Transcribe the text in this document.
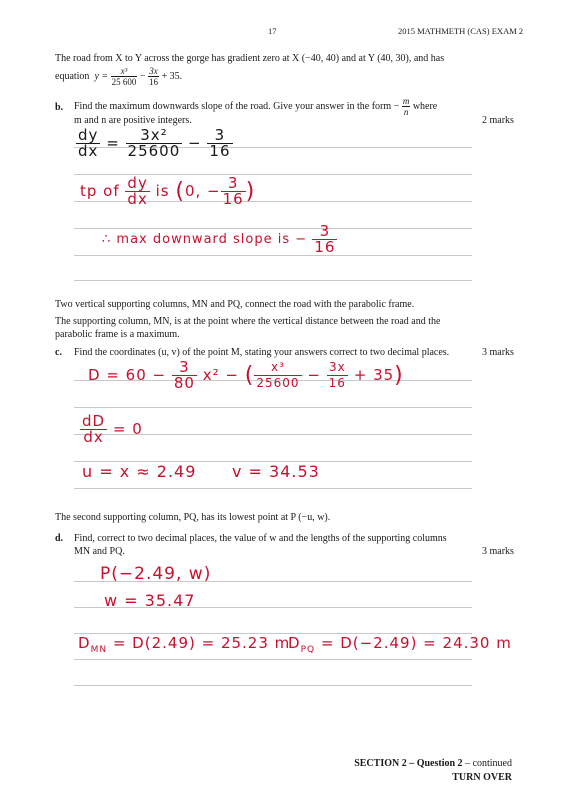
17	2015 MATHMETH (CAS) EXAM 2
The road from X to Y across the gorge has gradient zero at X (−40, 40) and at Y (40, 30), and has
equation $y = \frac{\text{x³}}{25 600} - \frac{3x}{16} + 35$.
b. Find the maximum downwards slope of the road. Give your answer in the form − $\frac{m}{n}$ where
m and n are positive integers.	2 marks
$\frac{dy}{dx} = \frac{\text{3x²}}{25600} - \frac{3}{16}$
tp of $\frac{dy}{dx}$ is (0, − $\frac{3}{16}$ )
∴ max downward slope is − $\frac{3}{16}$
Two vertical supporting columns, MN and PQ, connect the road with the parabolic frame.
The supporting column, MN, is at the point where the vertical distance between the road and the
parabolic frame is a maximum.
c. Find the coordinates (u, v) of the point M, stating your answers correct to two decimal places.	3 marks
$D = 60 - \frac{3}{80} x^2$ − ( $\frac{\text{x³}}{25600} - \frac{3x}{16} + 35$)
$\frac{dD}{dx} = 0$
u = x ≈ 2.49 v = 34.53
The second supporting column, PQ, has its lowest point at P (−u, w).
d. Find, correct to two decimal places, the value of w and the lengths of the supporting columns
MN and PQ.	3 marks
P(−2.49, w)
w = 35.47
$D_{MN} = D(2.49) = 25.23$ m
$D_{PQ} = D(-2.49) = 24.30$ m
SECTION 2 – Question 2 – continued
TURN OVER
